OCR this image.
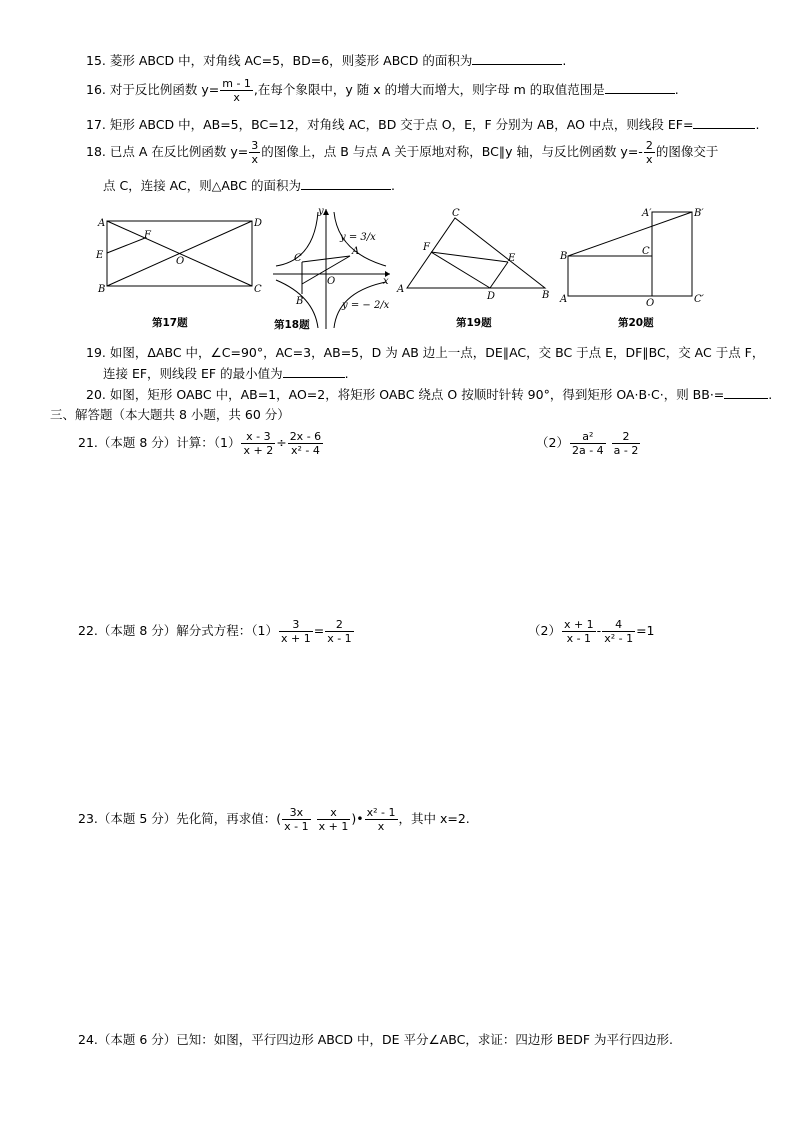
15. 菱形 ABCD 中，对角线 AC=5，BD=6，则菱形 ABCD 的面积为	.
16. 对于反比例函数 $y= \frac{m - 1}{x}$ ,在每个象限中，y 随 x 的增大而增大，则字母 m 的取值范围是	.
17. 矩形 ABCD 中，AB=5，BC=12，对角线 AC，BD 交于点 O，E，F 分别为 AB，AO 中点，则线段 EF=	.
18. 已点 A 在反比例函数 $y= \frac{3}{x}$ 的图像上，点 B 与点 A 关于原地对称，BC∥y 轴，与反比例函数 $y=- \frac{2}{x}$ 的图像交于
点 C，连接 AC，则△ABC 的面积为	.
A
B	C
D
E
F
O
第17题
C
A
B
O	x
y
y = 3/x
y = − 2/x
第18题
A
B
C
D
E
F
第19题
A′	B′
C′
A
B	C
O
第20题
19. 如图，ΔABC 中，∠C=90°，AC=3，AB=5，D 为 AB 边上一点，DE∥AC，交 BC 于点 E，DF∥BC，交 AC 于点 F，
连接 EF，则线段 EF 的最小值为	.
20. 如图，矩形 OABC 中，AB=1，AO=2，将矩形 OABC 绕点 O 按顺时针转 90°，得到矩形 OA·B·C·，则 BB·=	.
三、解答题（本大题共 8 小题，共 60 分）
21.（本题 8 分）计算：$(1) \frac{x - 3}{x + 2} \div \frac{2x - 6}{\text{x² - 4}}$	$(2) \frac{\text{a²}}{2a - 4}$
$\frac{2}{a - 2}$
22.（本题 8 分）解分式方程：$(1) \frac{3}{x + 1} = \frac{2}{x - 1}$	$(2) \frac{x + 1}{x - 1} - \frac{4}{\text{x² - 1}} =1$
23.（本题 5 分）先化简，再求值：( $\frac{3x}{x - 1}$
$\frac{x}{x + 1}$ )• $\frac{\text{x² - 1}}{x}$ ，其中 x=2.
24.（本题 6 分）已知：如图，平行四边形 ABCD 中，DE 平分∠ABC，求证：四边形 BEDF 为平行四边形.
